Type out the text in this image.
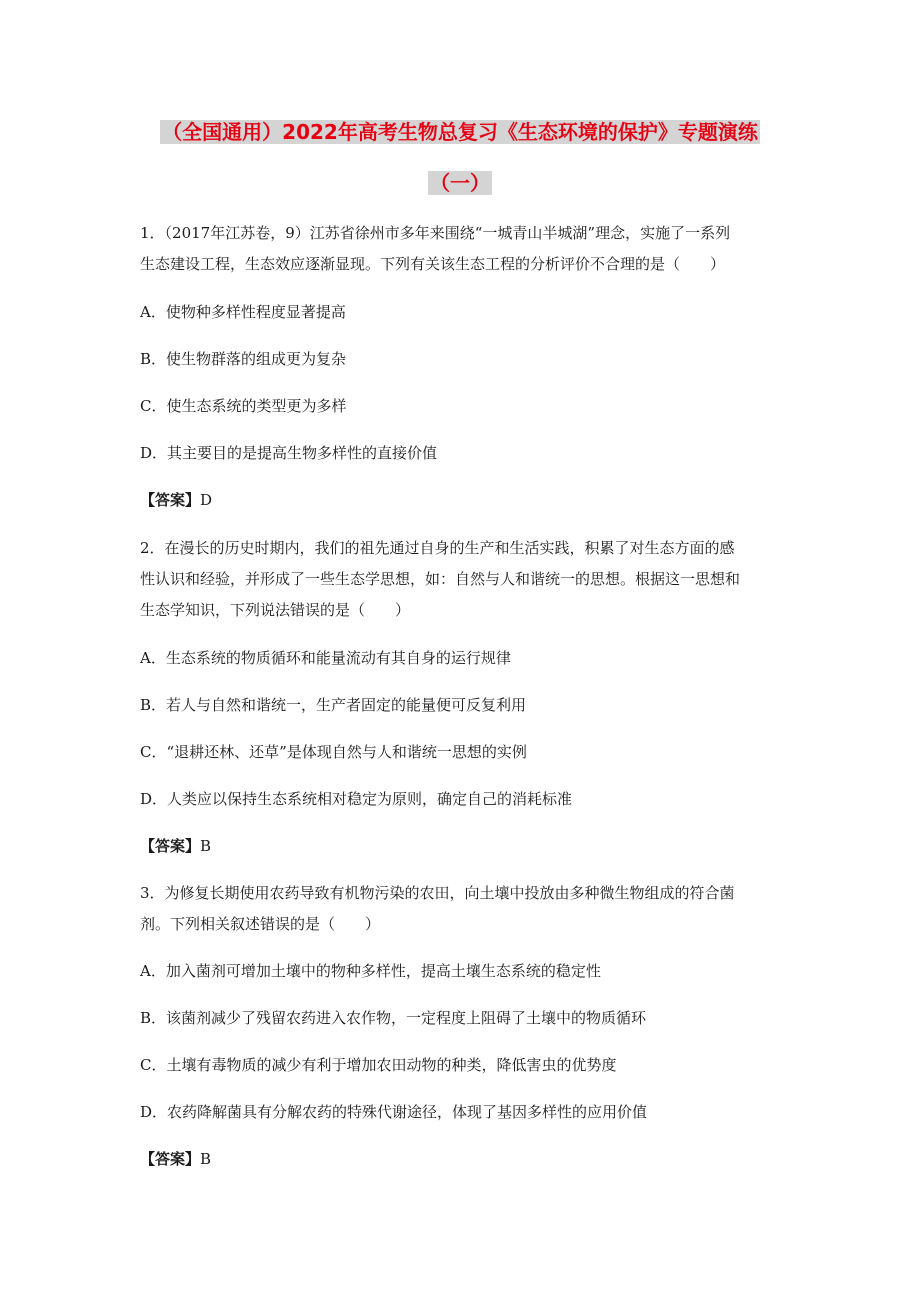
（全国通用）2022年高考生物总复习《生态环境的保护》专题演练
（一）
1．（2017年江苏卷，9）江苏省徐州市多年来围绕“一城青山半城湖”理念，实施了一系列
生态建设工程，生态效应逐渐显现。下列有关该生态工程的分析评价不合理的是（　　）
A．使物种多样性程度显著提高
B．使生物群落的组成更为复杂
C．使生态系统的类型更为多样
D．其主要目的是提高生物多样性的直接价值
【答案】D
2．在漫长的历史时期内，我们的祖先通过自身的生产和生活实践，积累了对生态方面的感
性认识和经验，并形成了一些生态学思想，如：自然与人和谐统一的思想。根据这一思想和
生态学知识，下列说法错误的是（　　）
A．生态系统的物质循环和能量流动有其自身的运行规律
B．若人与自然和谐统一，生产者固定的能量便可反复利用
C．“退耕还林、还草”是体现自然与人和谐统一思想的实例
D．人类应以保持生态系统相对稳定为原则，确定自己的消耗标准
【答案】B
3．为修复长期使用农药导致有机物污染的农田，向土壤中投放由多种微生物组成的符合菌
剂。下列相关叙述错误的是（　　）
A．加入菌剂可增加土壤中的物种多样性，提高土壤生态系统的稳定性
B．该菌剂减少了残留农药进入农作物，一定程度上阻碍了土壤中的物质循环
C．土壤有毒物质的减少有利于增加农田动物的种类，降低害虫的优势度
D．农药降解菌具有分解农药的特殊代谢途径，体现了基因多样性的应用价值
【答案】B
